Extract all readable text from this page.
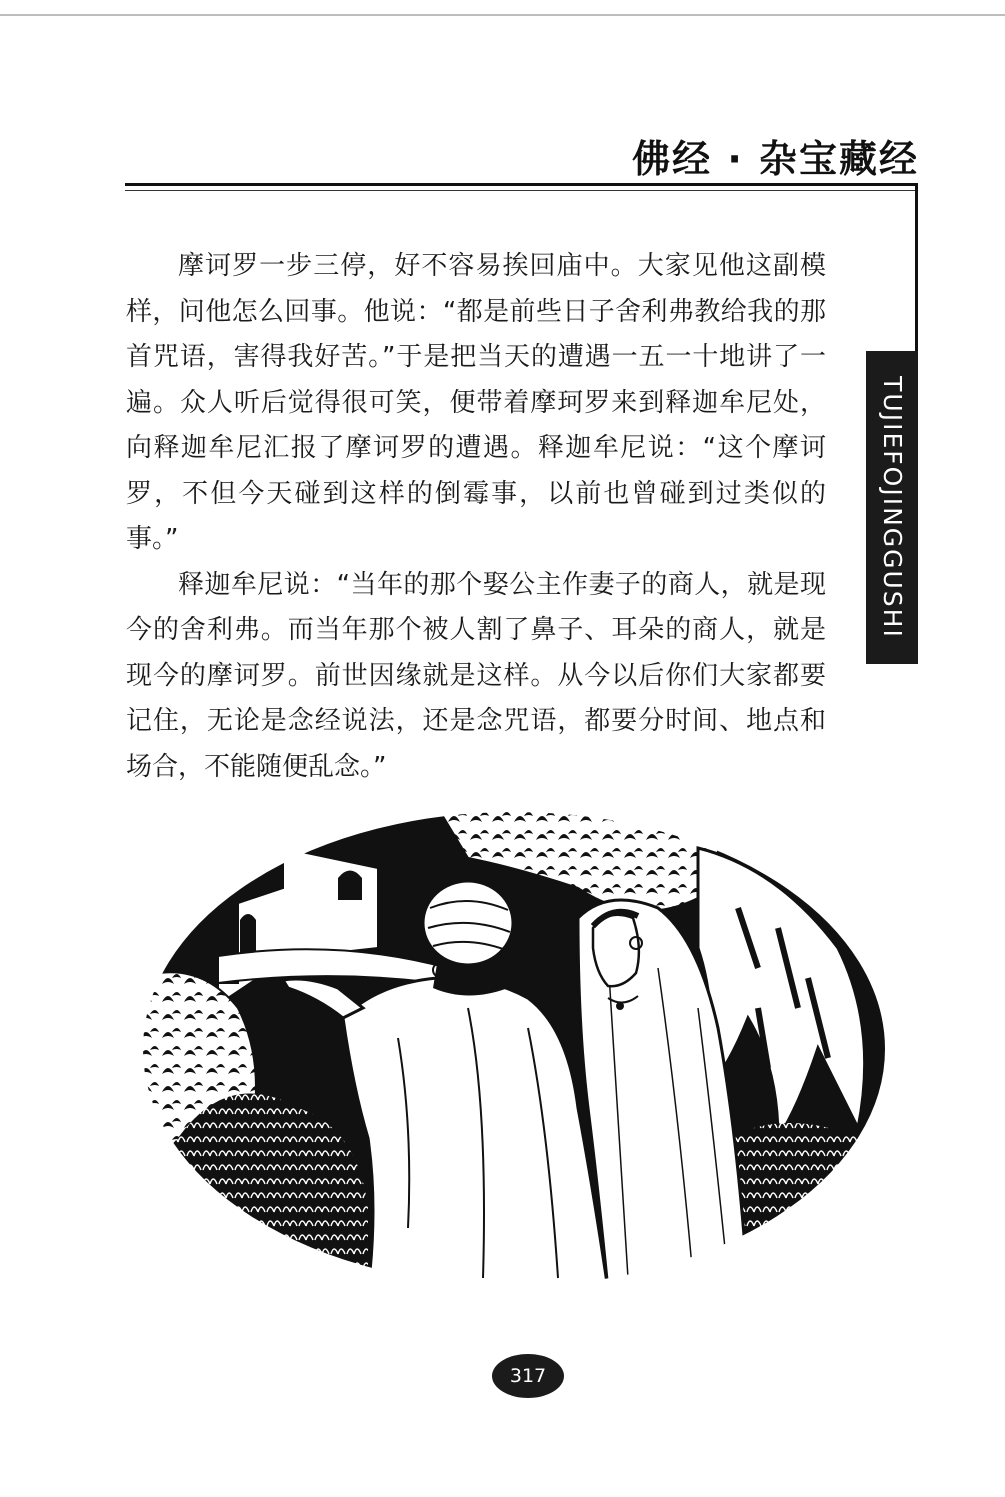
佛经 · 杂宝藏经
TUJIEFOJINGGUSHI

摩诃罗一步三停，好不容易挨回庙中。大家见他这副模样，问他怎么回事。他说：“都是前些日子舍利弗教给我的那首咒语，害得我好苦。”于是把当天的遭遇一五一十地讲了一遍。众人听后觉得很可笑，便带着摩珂罗来到释迦牟尼处，向释迦牟尼汇报了摩诃罗的遭遇。释迦牟尼说：“这个摩诃罗，不但今天碰到这样的倒霉事，以前也曾碰到过类似的事。”

释迦牟尼说：“当年的那个娶公主作妻子的商人，就是现今的舍利弗。而当年那个被人割了鼻子、耳朵的商人，就是现今的摩诃罗。前世因缘就是这样。从今以后你们大家都要记住，无论是念经说法，还是念咒语，都要分时间、地点和场合，不能随便乱念。”

317
